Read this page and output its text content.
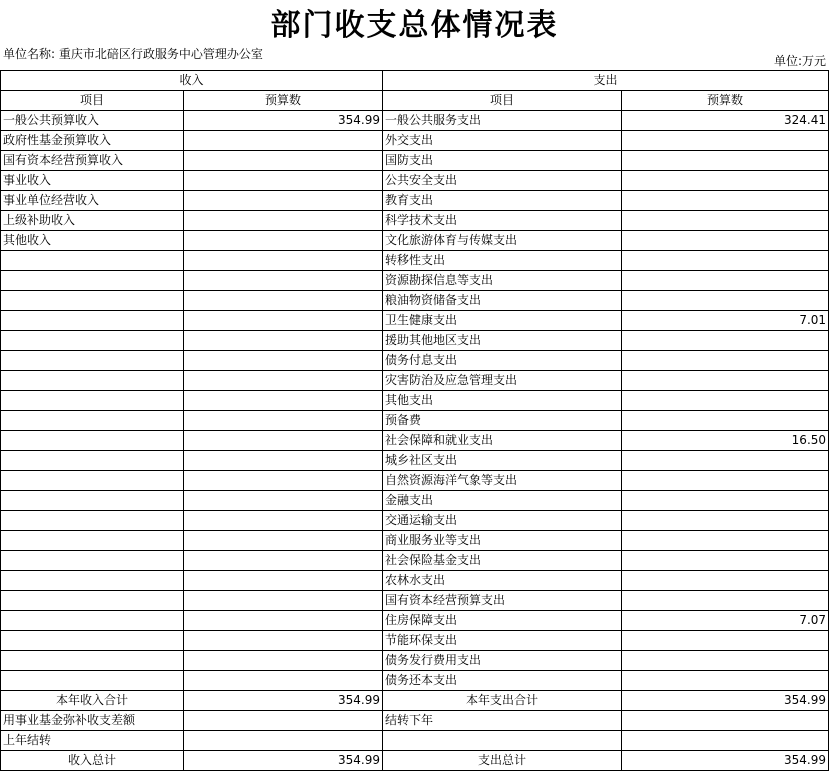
部门收支总体情况表
单位名称: 重庆市北碚区行政服务中心管理办公室	单位:万元
收入		支出	
项目	预算数	项目	预算数
一般公共预算收入	354.99	一般公共服务支出	324.41
政府性基金预算收入		外交支出	
国有资本经营预算收入		国防支出	
事业收入		公共安全支出	
事业单位经营收入		教育支出	
上级补助收入		科学技术支出	
其他收入		文化旅游体育与传媒支出	
		转移性支出	
		资源勘探信息等支出	
		粮油物资储备支出	
		卫生健康支出	7.01
		援助其他地区支出	
		债务付息支出	
		灾害防治及应急管理支出	
		其他支出	
		预备费	
		社会保障和就业支出	16.50
		城乡社区支出	
		自然资源海洋气象等支出	
		金融支出	
		交通运输支出	
		商业服务业等支出	
		社会保险基金支出	
		农林水支出	
		国有资本经营预算支出	
		住房保障支出	7.07
		节能环保支出	
		债务发行费用支出	
		债务还本支出	
本年收入合计	354.99	本年支出合计	354.99
用事业基金弥补收支差额		结转下年	
上年结转			
收入总计	354.99	支出总计	354.99
